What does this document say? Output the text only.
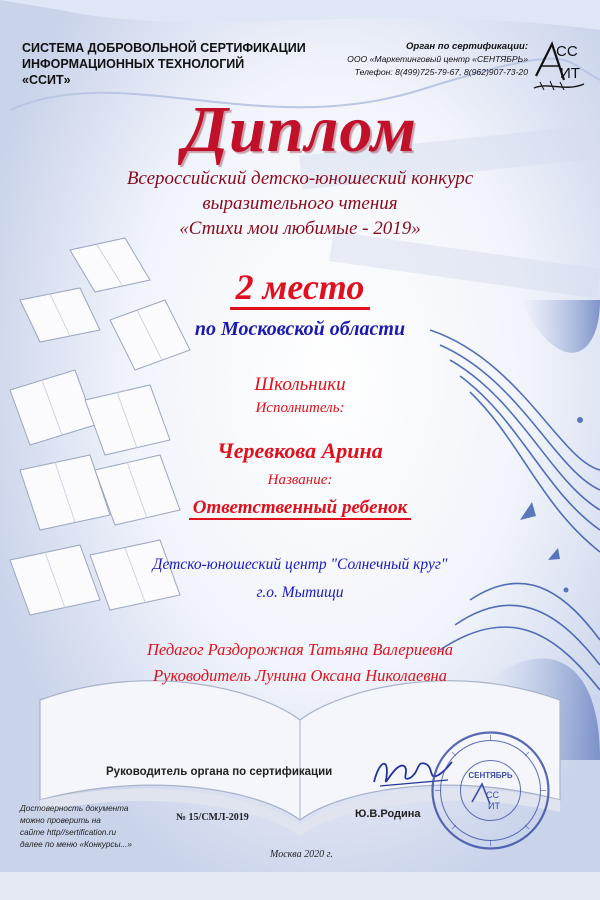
СИСТЕМА ДОБРОВОЛЬНОЙ СЕРТИФИКАЦИИ
ИНФОРМАЦИОННЫХ ТЕХНОЛОГИЙ
«ССИТ»
Орган по сертификации:
ООО «Маркетинговый центр «СЕНТЯБРЬ»
Телефон: 8(499)725-79-67, 8(962)907-73-20
СС
ИТ
Диплом
Всероссийский детско-юношеский конкурс
выразительного чтения
«Стихи мои любимые - 2019»
2 место
по Московской области
Школьники
Исполнитель:
Черевкова Арина
Название:
Ответственный ребенок
Детско-юношеский центр "Солнечный круг"
г.о. Мытищи
Педагог Раздорожная Татьяна Валериевна
Руководитель Лунина Оксана Николаевна
Руководитель органа по сертификации
Ю.В.Родина
Достоверность документа
можно проверить на
сайте http//sertification.ru
далее по меню «Конкурсы...»
№ 15/СМЛ-2019
Москва 2020 г.
СЕНТЯБРЬ
СС
ИТ
